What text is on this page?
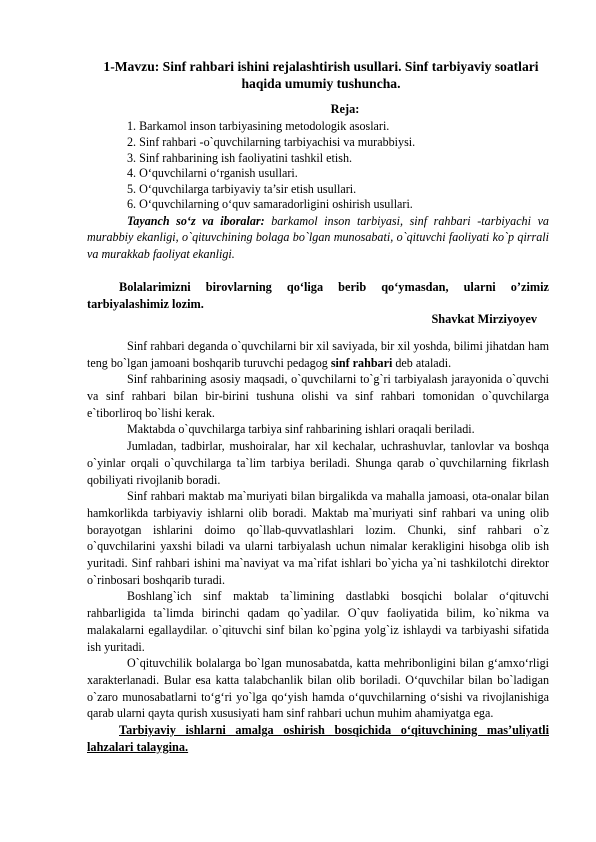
1-Mavzu: Sinf rahbari ishini rejalashtirish usullari. Sinf tarbiyaviy soatlari haqida umumiy tushuncha.
Reja:
1. Barkamol inson tarbiyasining metodologik asoslari.
2. Sinf rahbari -o`quvchilarning tarbiyachisi va murabbiysi.
3. Sinf rahbarining ish faoliyatini tashkil etish.
4. O‘quvchilarni o‘rganish usullari.
5. O‘quvchilarga tarbiyaviy ta’sir etish usullari.
6. O‘quvchilarning o‘quv samaradorligini oshirish usullari.

Tayanch so‘z va iboralar: barkamol inson tarbiyasi, sinf rahbari -tarbiyachi va murabbiy ekanligi, o`qituvchining bolaga bo`lgan munosabati, o`qituvchi faoliyati ko`p qirrali va murakkab faoliyat ekanligi.

Bolalarimizni birovlarning qo‘liga berib qo‘ymasdan, ularni o’zimiz tarbiyalashimiz lozim.
Shavkat Mirziyoyev

Sinf rahbari deganda o`quvchilarni bir xil saviyada, bir xil yoshda, bilimi jihatdan ham teng bo`lgan jamoani boshqarib turuvchi pedagog sinf rahbari deb ataladi.

Sinf rahbarining asosiy maqsadi, o`quvchilarni to`g`ri tarbiyalash jarayonida o`quvchi va sinf rahbari bilan bir-birini tushuna olishi va sinf rahbari tomonidan o`quvchilarga e`tiborliroq bo`lishi kerak.

Maktabda o`quvchilarga tarbiya sinf rahbarining ishlari oraqali beriladi.

Jumladan, tadbirlar, mushoiralar, har xil kechalar, uchrashuvlar, tanlovlar va boshqa o`yinlar orqali o`quvchilarga ta`lim tarbiya beriladi. Shunga qarab o`quvchilarning fikrlash qobiliyati rivojlanib boradi.

Sinf rahbari maktab ma`muriyati bilan birgalikda va mahalla jamoasi, ota-onalar bilan hamkorlikda tarbiyaviy ishlarni olib boradi. Maktab ma`muriyati sinf rahbari va uning olib borayotgan ishlarini doimo qo`llab-quvvatlashlari lozim. Chunki, sinf rahbari o`z o`quvchilarini yaxshi biladi va ularni tarbiyalash uchun nimalar kerakligini hisobga olib ish yuritadi. Sinf rahbari ishini ma`naviyat va ma`rifat ishlari bo`yicha ya`ni tashkilotchi direktor o`rinbosari boshqarib turadi.

Boshlang`ich sinf maktab ta`limining dastlabki bosqichi bolalar o‘qituvchi rahbarligida ta`limda birinchi qadam qo`yadilar. O`quv faoliyatida bilim, ko`nikma va malakalarni egallaydilar. o`qituvchi sinf bilan ko`pgina yolg`iz ishlaydi va tarbiyashi sifatida ish yuritadi.

O`qituvchilik bolalarga bo`lgan munosabatda, katta mehribonligini bilan g‘amxo‘rligi xarakterlanadi. Bular esa katta talabchanlik bilan olib boriladi. O‘quvchilar bilan bo`ladigan o`zaro munosabatlarni to‘g‘ri yo`lga qo‘yish hamda o‘quvchilarning o‘sishi va rivojlanishiga qarab ularni qayta qurish xususiyati ham sinf rahbari uchun muhim ahamiyatga ega.

Tarbiyaviy ishlarni amalga oshirish bosqichida o‘qituvchining mas’uliyatli lahzalari talaygina.
